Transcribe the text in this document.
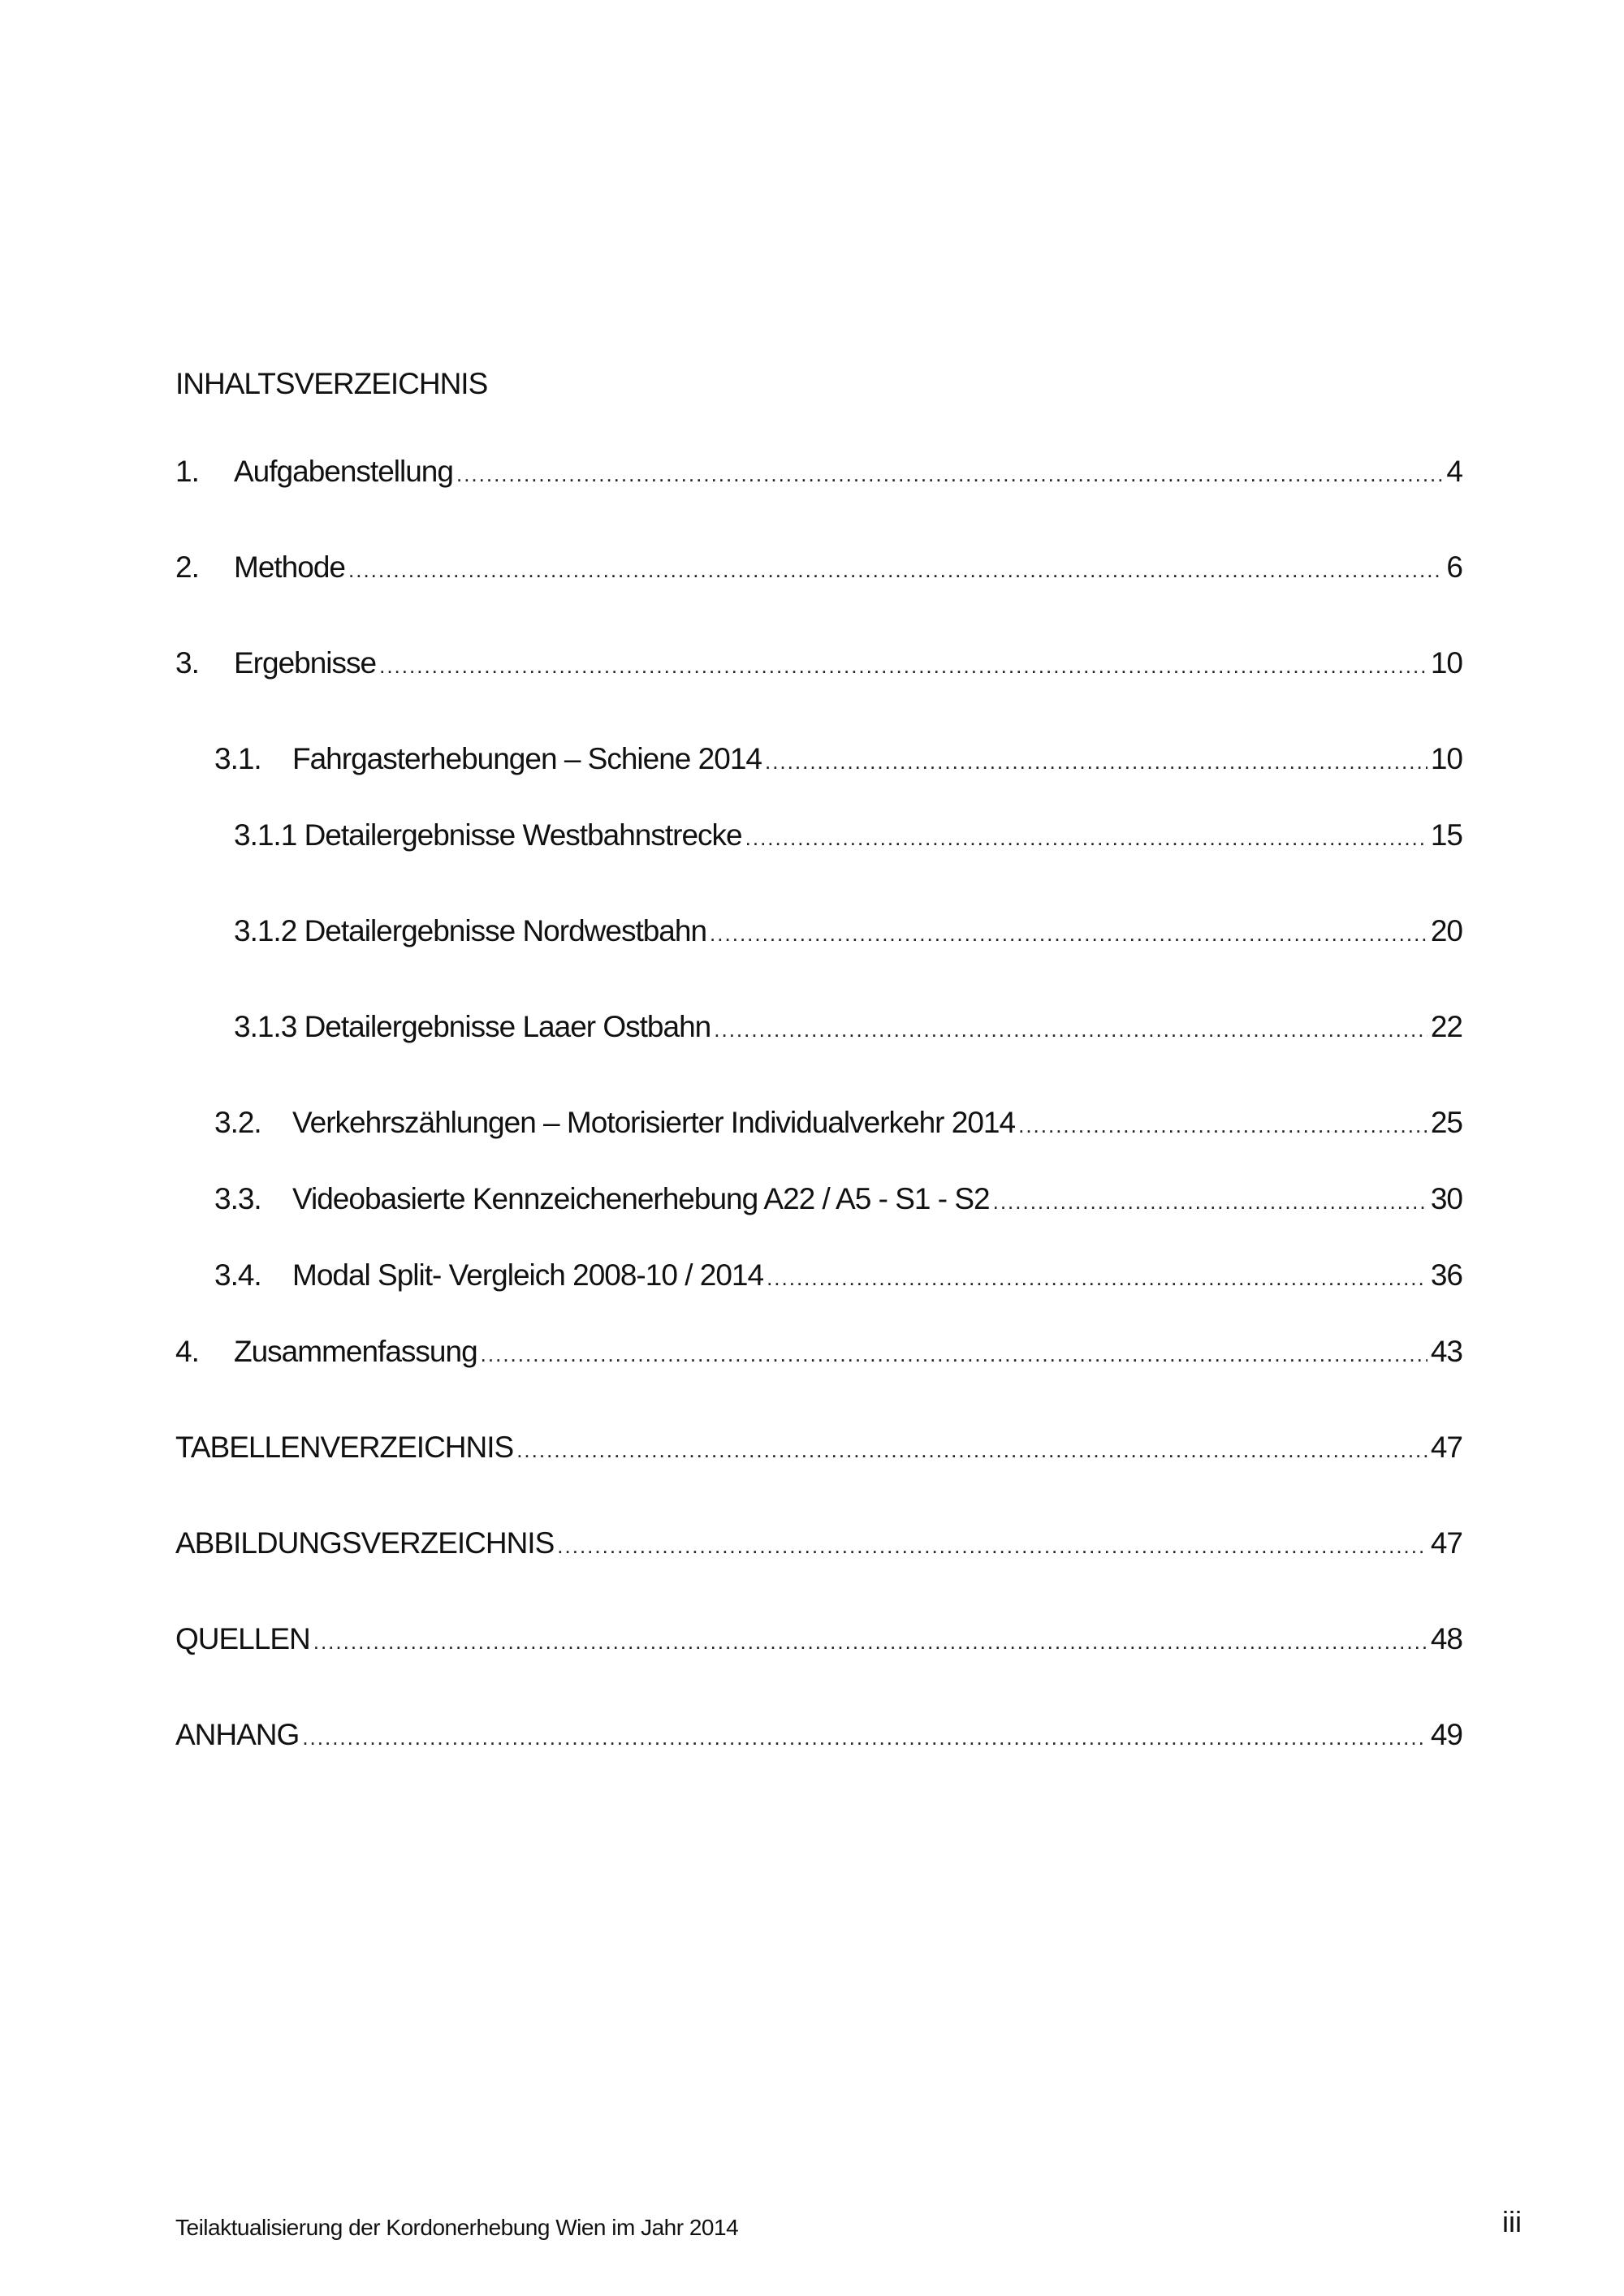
INHALTSVERZEICHNIS
1.	Aufgabenstellung .....	4
2.	Methode .....	6
3.	Ergebnisse .....	10
3.1.	Fahrgasterhebungen – Schiene 2014 .....	10
3.1.1 Detailergebnisse Westbahnstrecke .....	15
3.1.2 Detailergebnisse Nordwestbahn .....	20
3.1.3 Detailergebnisse Laaer Ostbahn .....	22
3.2.	Verkehrszählungen – Motorisierter Individualverkehr 2014 .....	25
3.3.	Videobasierte Kennzeichenerhebung A22 / A5 - S1 - S2 .....	30
3.4.	Modal Split- Vergleich 2008-10 / 2014 .....	36
4.	Zusammenfassung .....	43
TABELLENVERZEICHNIS .....	47
ABBILDUNGSVERZEICHNIS .....	47
QUELLEN .....	48
ANHANG .....	49
Teilaktualisierung der Kordonerhebung Wien im Jahr 2014	iii
